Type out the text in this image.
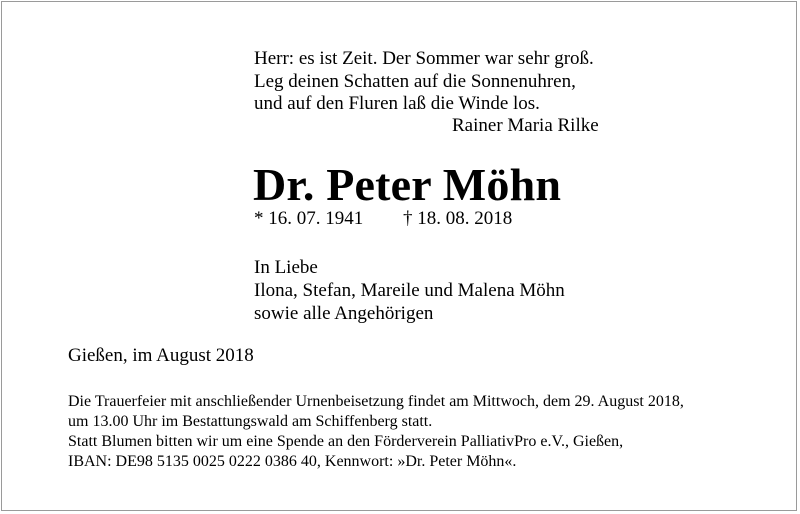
Herr: es ist Zeit. Der Sommer war sehr groß.
Leg deinen Schatten auf die Sonnenuhren,
und auf den Fluren laß die Winde los.
Rainer Maria Rilke
Dr. Peter Möhn
* 16. 07. 1941 † 18. 08. 2018
In Liebe
Ilona, Stefan, Mareile und Malena Möhn
sowie alle Angehörigen
Gießen, im August 2018
Die Trauerfeier mit anschließender Urnenbeisetzung findet am Mittwoch, dem 29. August 2018,
um 13.00 Uhr im Bestattungswald am Schiffenberg statt.
Statt Blumen bitten wir um eine Spende an den Förderverein PalliativPro e.V., Gießen,
IBAN: DE98 5135 0025 0222 0386 40, Kennwort: »Dr. Peter Möhn«.
